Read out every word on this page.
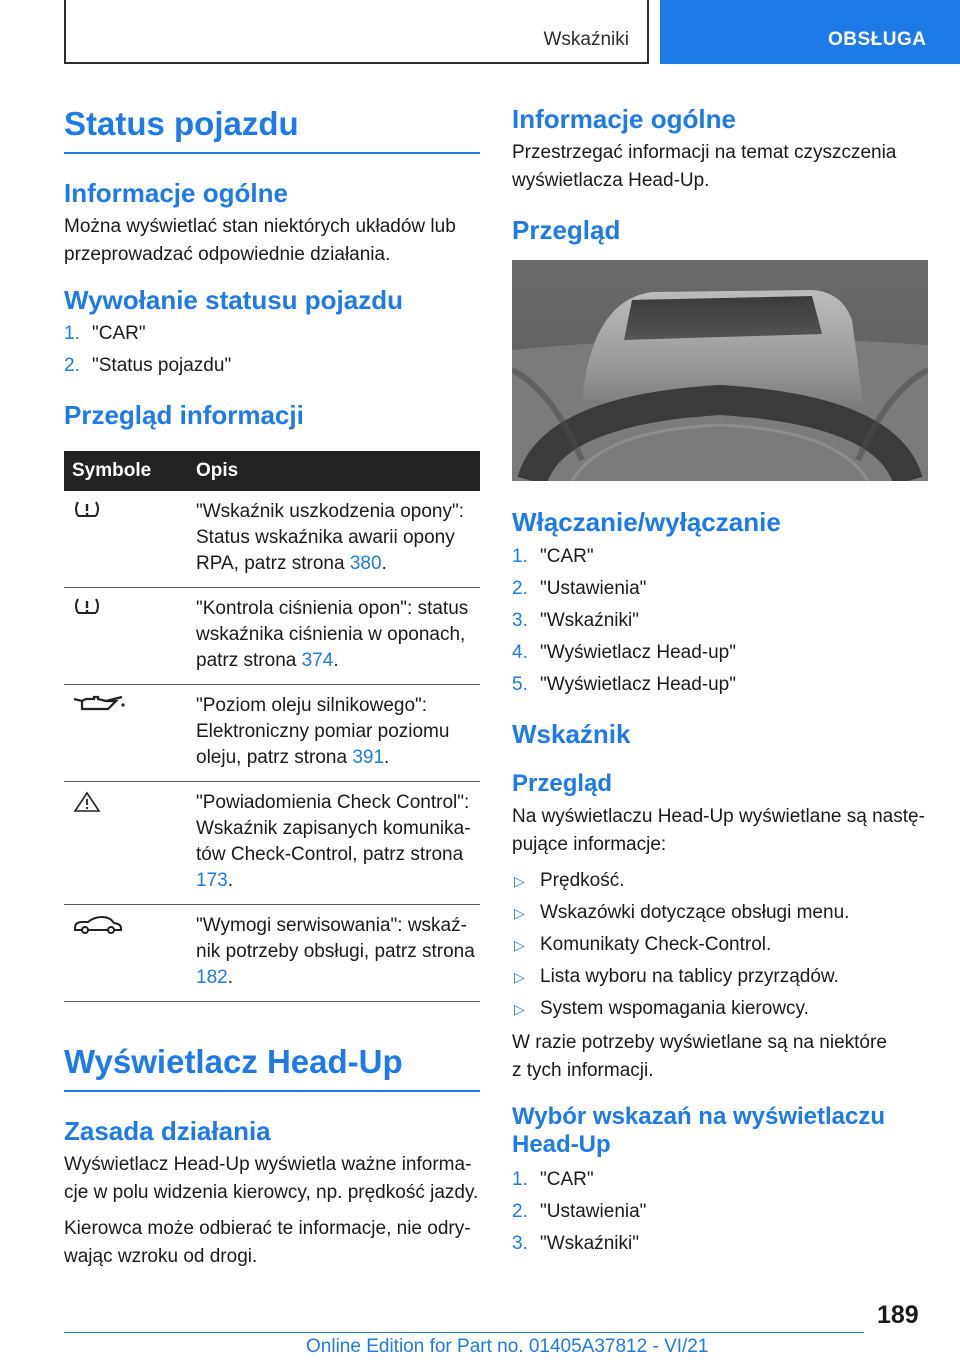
Wskaźniki	OBSŁUGA
Status pojazdu
Informacje ogólne

Można wyświetlać stan niektórych układów lub przeprowadzać odpowiednie działania.

Wywołanie statusu pojazdu
1. "CAR"
2. "Status pojazdu"
Przegląd informacji
Symbole	Opis
	"Wskaźnik uszkodzenia opony": Status wskaźnika awarii opony RPA, patrz strona 380.
	"Kontrola ciśnienia opon": status wskaźnika ciśnienia w oponach, patrz strona 374.
	"Poziom oleju silnikowego": Elektroniczny pomiar poziomu oleju, patrz strona 391.
	"Powiadomienia Check Control": Wskaźnik zapisanych komunikatów Check-Control, patrz strona 173.
	"Wymogi serwisowania": wskaźnik potrzeby obsługi, patrz strona 182.
Wyświetlacz Head-Up
Zasada działania

Wyświetlacz Head-Up wyświetla ważne informacje w polu widzenia kierowcy, np. prędkość jazdy.

Kierowca może odbierać te informacje, nie odrywając wzroku od drogi.

Informacje ogólne

Przestrzegać informacji na temat czyszczenia wyświetlacza Head-Up.

Przegląd
Włączanie/wyłączanie
1. "CAR"
2. "Ustawienia"
3. "Wskaźniki"
4. "Wyświetlacz Head-up"
5. "Wyświetlacz Head-up"
Wskaźnik
Przegląd

Na wyświetlaczu Head-Up wyświetlane są następujące informacje:

▷ Prędkość.
▷ Wskazówki dotyczące obsługi menu.
▷ Komunikaty Check-Control.
▷ Lista wyboru na tablicy przyrządów.
▷ System wspomagania kierowcy.

W razie potrzeby wyświetlane są na niektóre z tych informacji.

Wybór wskazań na wyświetlaczu Head-Up
1. "CAR"
2. "Ustawienia"
3. "Wskaźniki"
189
Online Edition for Part no. 01405A37812 - VI/21
